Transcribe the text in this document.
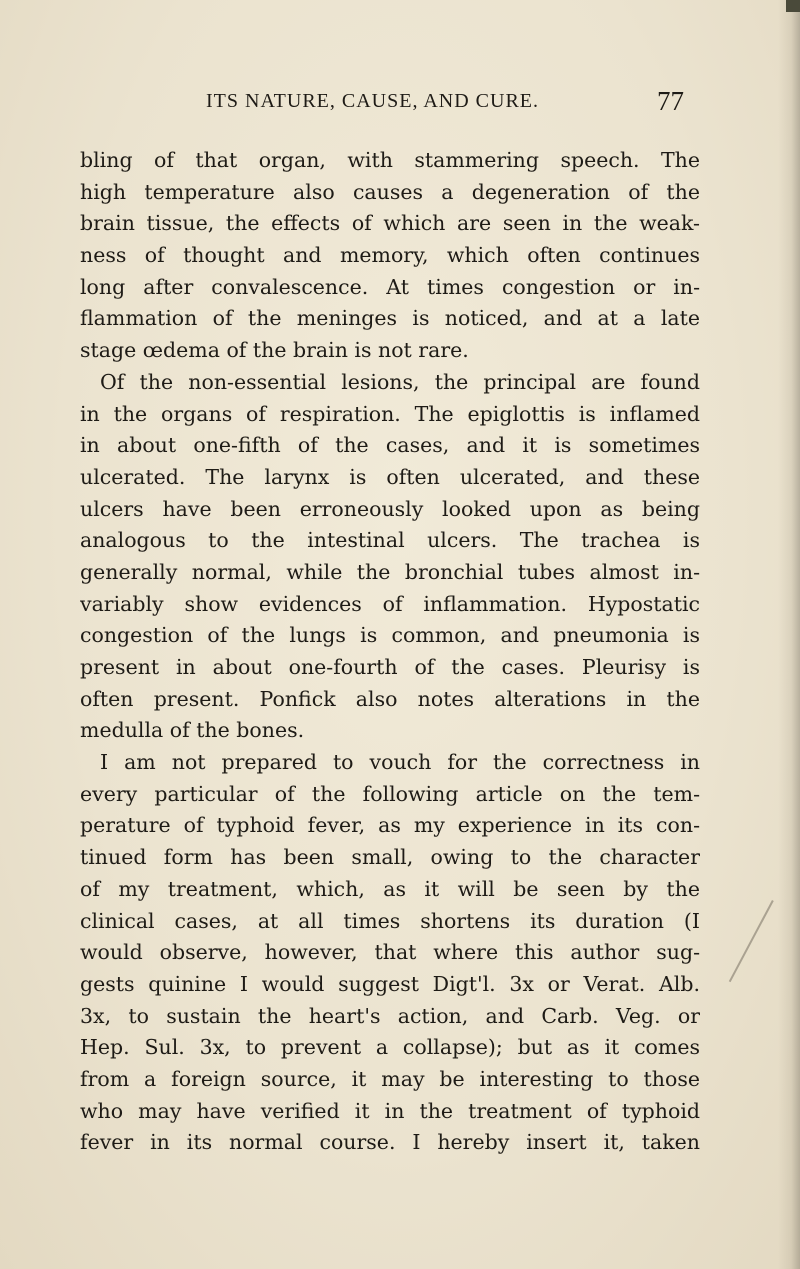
ITS NATURE, CAUSE, AND CURE.	77
bling of that organ, with stammering speech. The
high temperature also causes a degeneration of the
brain tissue, the effects of which are seen in the weak-
ness of thought and memory, which often continues
long after convalescence. At times congestion or in-
flammation of the meninges is noticed, and at a late
stage œdema of the brain is not rare.
Of the non-essential lesions, the principal are found
in the organs of respiration. The epiglottis is inflamed
in about one-fifth of the cases, and it is sometimes
ulcerated. The larynx is often ulcerated, and these
ulcers have been erroneously looked upon as being
analogous to the intestinal ulcers. The trachea is
generally normal, while the bronchial tubes almost in-
variably show evidences of inflammation. Hypostatic
congestion of the lungs is common, and pneumonia is
present in about one-fourth of the cases. Pleurisy is
often present. Ponfick also notes alterations in the
medulla of the bones.
I am not prepared to vouch for the correctness in
every particular of the following article on the tem-
perature of typhoid fever, as my experience in its con-
tinued form has been small, owing to the character
of my treatment, which, as it will be seen by the
clinical cases, at all times shortens its duration (I
would observe, however, that where this author sug-
gests quinine I would suggest Digt'l. 3x or Verat. Alb.
3x, to sustain the heart's action, and Carb. Veg. or
Hep. Sul. 3x, to prevent a collapse); but as it comes
from a foreign source, it may be interesting to those
who may have verified it in the treatment of typhoid
fever in its normal course. I hereby insert it, taken
